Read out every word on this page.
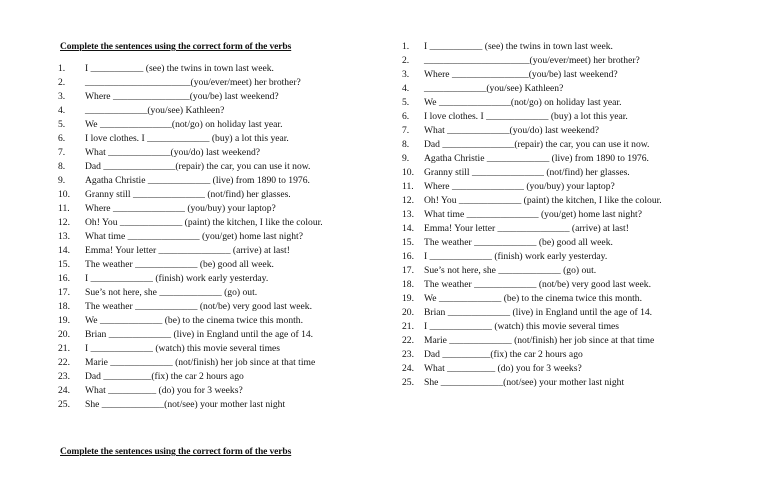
Complete the sentences using the correct form of the verbs
1. I ___________ (see) the twins in town last week.
2. ______________________(you/ever/meet) her brother?
3. Where ________________(you/be) last weekend?
4. _____________(you/see) Kathleen?
5. We _______________(not/go) on holiday last year.
6. I love clothes. I _____________ (buy) a lot this year.
7. What _____________(you/do) last weekend?
8. Dad _______________(repair) the car, you can use it now.
9. Agatha Christie _____________ (live) from 1890 to 1976.
10. Granny still _______________ (not/find) her glasses.
11. Where _______________ (you/buy) your laptop?
12. Oh! You _____________ (paint) the kitchen, I like the colour.
13. What time _______________ (you/get) home last night?
14. Emma! Your letter _______________ (arrive) at last!
15. The weather _____________ (be) good all week.
16. I _____________ (finish) work early yesterday.
17. Sue’s not here, she _____________ (go) out.
18. The weather _____________ (not/be) very good last week.
19. We _____________ (be) to the cinema twice this month.
20. Brian _____________ (live) in England until the age of 14.
21. I _____________ (watch) this movie several times
22. Marie _____________ (not/finish) her job since at that time
23. Dad __________(fix) the car 2 hours ago
24. What __________ (do) you for 3 weeks?
25. She _____________(not/see) your mother last night
1. I ___________ (see) the twins in town last week.
2. ______________________(you/ever/meet) her brother?
3. Where ________________(you/be) last weekend?
4. _____________(you/see) Kathleen?
5. We _______________(not/go) on holiday last year.
6. I love clothes. I _____________ (buy) a lot this year.
7. What _____________(you/do) last weekend?
8. Dad _______________(repair) the car, you can use it now.
9. Agatha Christie _____________ (live) from 1890 to 1976.
10. Granny still _______________ (not/find) her glasses.
11. Where _______________ (you/buy) your laptop?
12. Oh! You _____________ (paint) the kitchen, I like the colour.
13. What time _______________ (you/get) home last night?
14. Emma! Your letter _______________ (arrive) at last!
15. The weather _____________ (be) good all week.
16. I _____________ (finish) work early yesterday.
17. Sue’s not here, she _____________ (go) out.
18. The weather _____________ (not/be) very good last week.
19. We _____________ (be) to the cinema twice this month.
20. Brian _____________ (live) in England until the age of 14.
21. I _____________ (watch) this movie several times
22. Marie _____________ (not/finish) her job since at that time
23. Dad __________(fix) the car 2 hours ago
24. What __________ (do) you for 3 weeks?
25. She _____________(not/see) your mother last night
Complete the sentences using the correct form of the verbs
